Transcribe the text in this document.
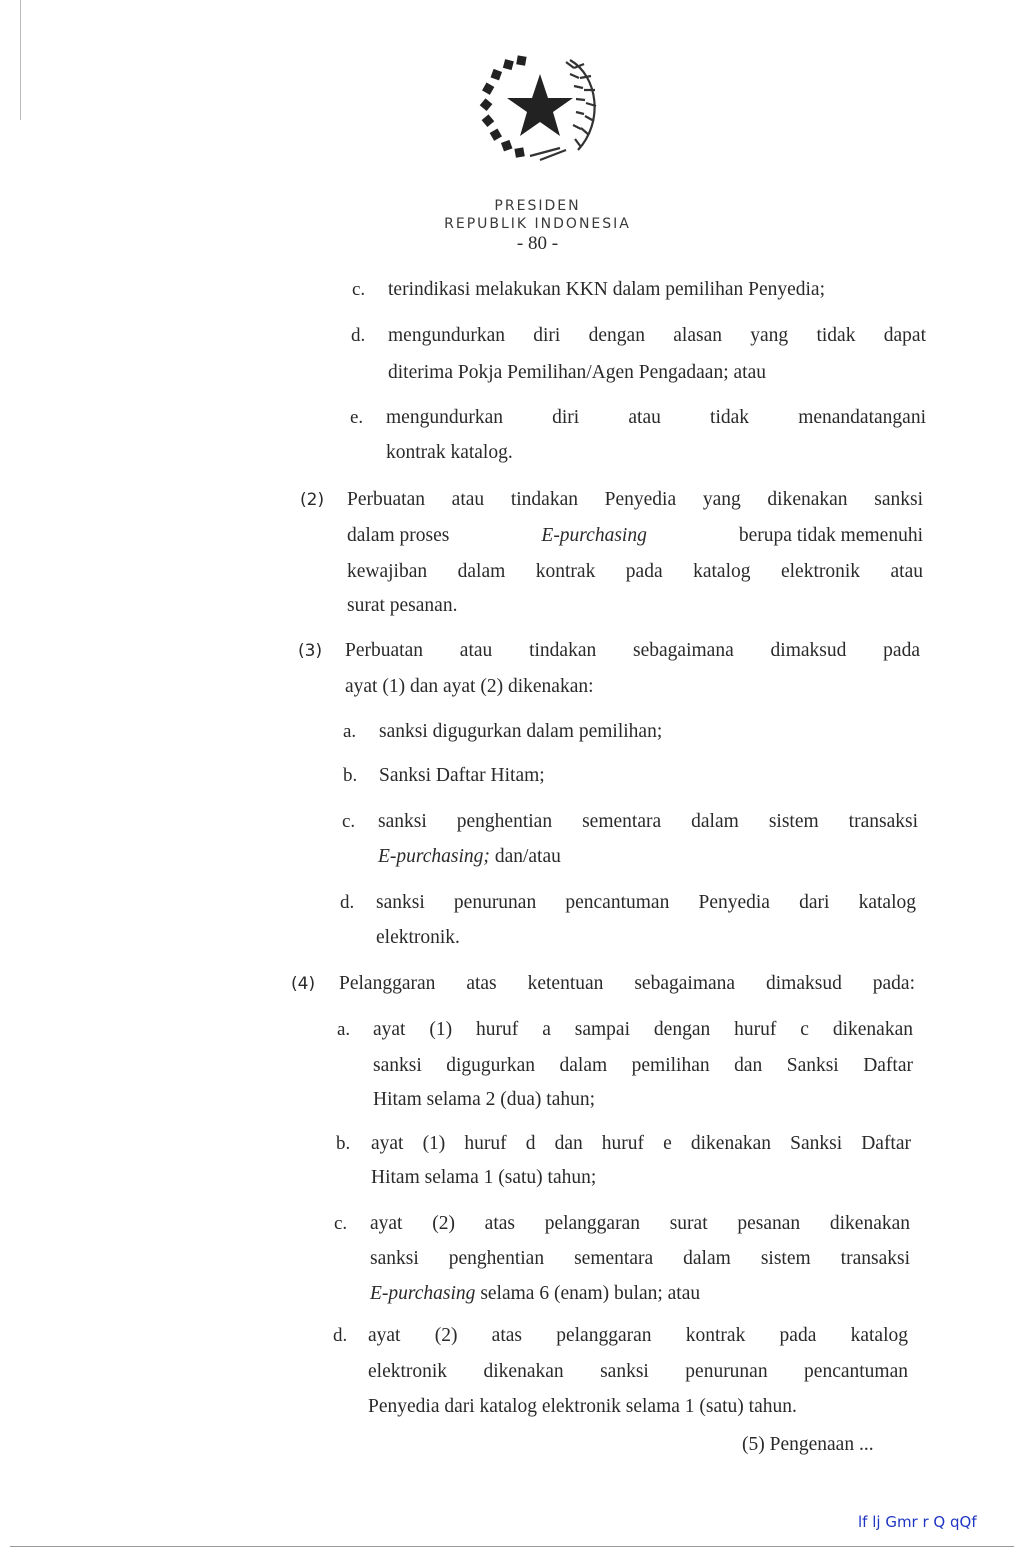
PRESIDEN
REPUBLIK INDONESIA
- 80 -
c. terindikasi melakukan KKN dalam pemilihan Penyedia;
d. mengundurkan diri dengan alasan yang tidak dapat
diterima Pokja Pemilihan/Agen Pengadaan; atau
e. mengundurkan diri atau tidak menandatangani
kontrak katalog.
(2) Perbuatan atau tindakan Penyedia yang dikenakan sanksi
dalam proses	E-purchasing	berupa tidak memenuhi
kewajiban dalam kontrak pada katalog elektronik atau
surat pesanan.
(3) Perbuatan atau tindakan sebagaimana dimaksud pada
ayat (1) dan ayat (2) dikenakan:
a. sanksi digugurkan dalam pemilihan;
b. Sanksi Daftar Hitam;
c. sanksi penghentian sementara dalam sistem transaksi
E-purchasing; dan/atau
d. sanksi penurunan pencantuman Penyedia dari katalog
elektronik.
(4) Pelanggaran atas ketentuan sebagaimana dimaksud pada:
a. ayat (1) huruf a sampai dengan huruf c dikenakan
sanksi digugurkan dalam pemilihan dan Sanksi Daftar
Hitam selama 2 (dua) tahun;
b. ayat (1) huruf d dan huruf e dikenakan Sanksi Daftar
Hitam selama 1 (satu) tahun;
c. ayat (2) atas pelanggaran surat pesanan dikenakan
sanksi penghentian sementara dalam sistem transaksi
E-purchasing selama 6 (enam) bulan; atau
d. ayat (2) atas pelanggaran kontrak pada katalog
elektronik dikenakan sanksi penurunan pencantuman
Penyedia dari katalog elektronik selama 1 (satu) tahun.
(5) Pengenaan ...
lf lj Gmr r Q qQf
